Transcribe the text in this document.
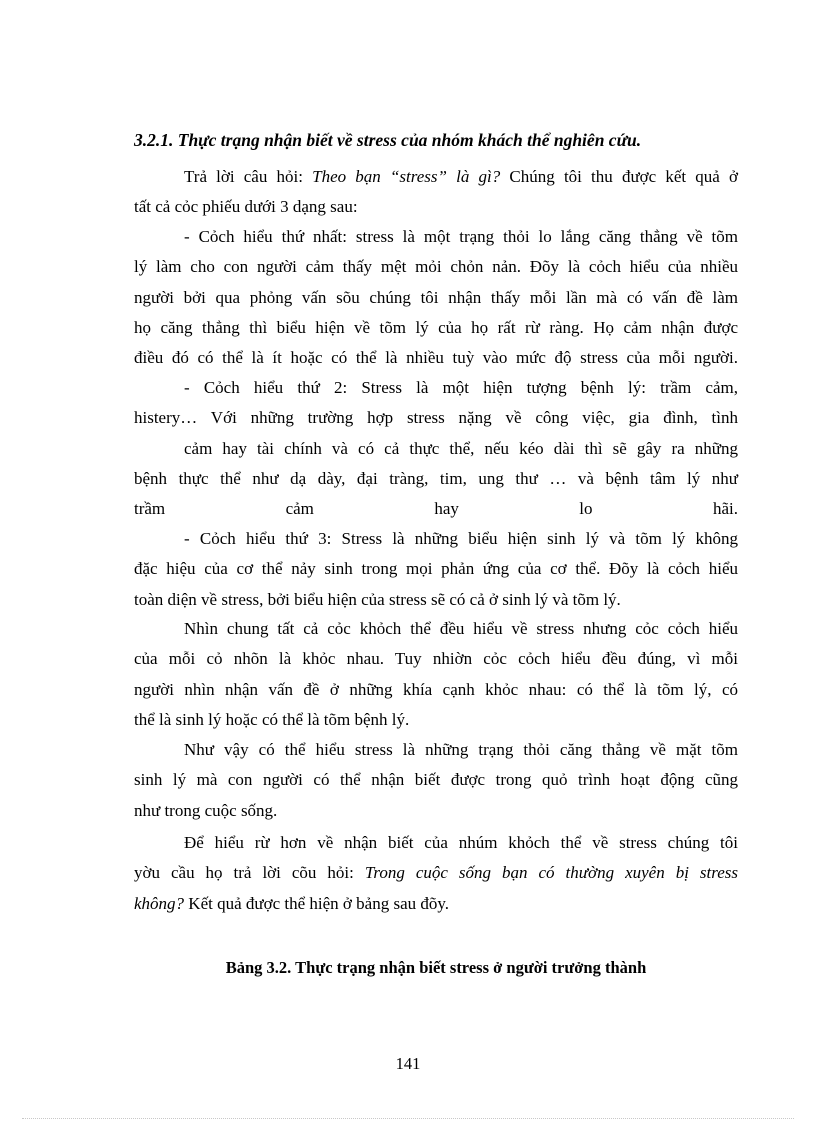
3.2.1. Thực trạng nhận biết về stress của nhóm khách thể nghiên cứu.
Trả lời câu hỏi: Theo bạn “stress” là gì? Chúng tôi thu được kết quả ở
tất cả cỏc phiếu dưới 3 dạng sau:
- Cỏch hiểu thứ nhất: stress là một trạng thỏi lo lắng căng thẳng về tõm
lý làm cho con người cảm thấy mệt mỏi chỏn nản. Đõy là cỏch hiểu của nhiều
người bởi qua phỏng vấn sõu chúng tôi nhận thấy mỗi lần mà có vấn đề làm
họ căng thẳng thì biểu hiện về tõm lý của họ rất rừ ràng. Họ cảm nhận được
điều đó có thể là ít hoặc có thể là nhiều tuỳ vào mức độ stress của mỗi người.
- Cỏch hiểu thứ 2: Stress là một hiện tượng bệnh lý: trầm cảm,
histery… Với những trường hợp stress nặng về công việc, gia đình, tình
cảm hay tài chính và có cả thực thể, nếu kéo dài thì sẽ gây ra những
bệnh thực thể như dạ dày, đại tràng, tim, ung thư … và bệnh tâm lý như
trầm	cảm	hay	lo	hãi.
- Cỏch hiểu thứ 3: Stress là những biểu hiện sinh lý và tõm lý không
đặc hiệu của cơ thể nảy sinh trong mọi phản ứng của cơ thể. Đõy là cỏch hiểu
toàn diện về stress, bởi biểu hiện của stress sẽ có cả ở sinh lý và tõm lý.
Nhìn chung tất cả cỏc khỏch thể đều hiểu về stress nhưng cỏc cỏch hiểu
của mỗi cỏ nhõn là khỏc nhau. Tuy nhiờn cỏc cỏch hiểu đều đúng, vì mỗi
người nhìn nhận vấn đề ở những khía cạnh khỏc nhau: có thể là tõm lý, có
thể là sinh lý hoặc có thể là tõm bệnh lý.
Như vậy có thể hiểu stress là những trạng thỏi căng thẳng về mặt tõm
sinh lý mà con người có thể nhận biết được trong quỏ trình hoạt động cũng
như trong cuộc sống.
Để hiểu rừ hơn về nhận biết của nhúm khỏch thể về stress chúng tôi
yờu cầu họ trả lời cõu hỏi: Trong cuộc sống bạn có thường xuyên bị stress
không? Kết quả được thể hiện ở bảng sau đõy.
Bảng 3.2. Thực trạng nhận biết stress ở người trưởng thành
141
